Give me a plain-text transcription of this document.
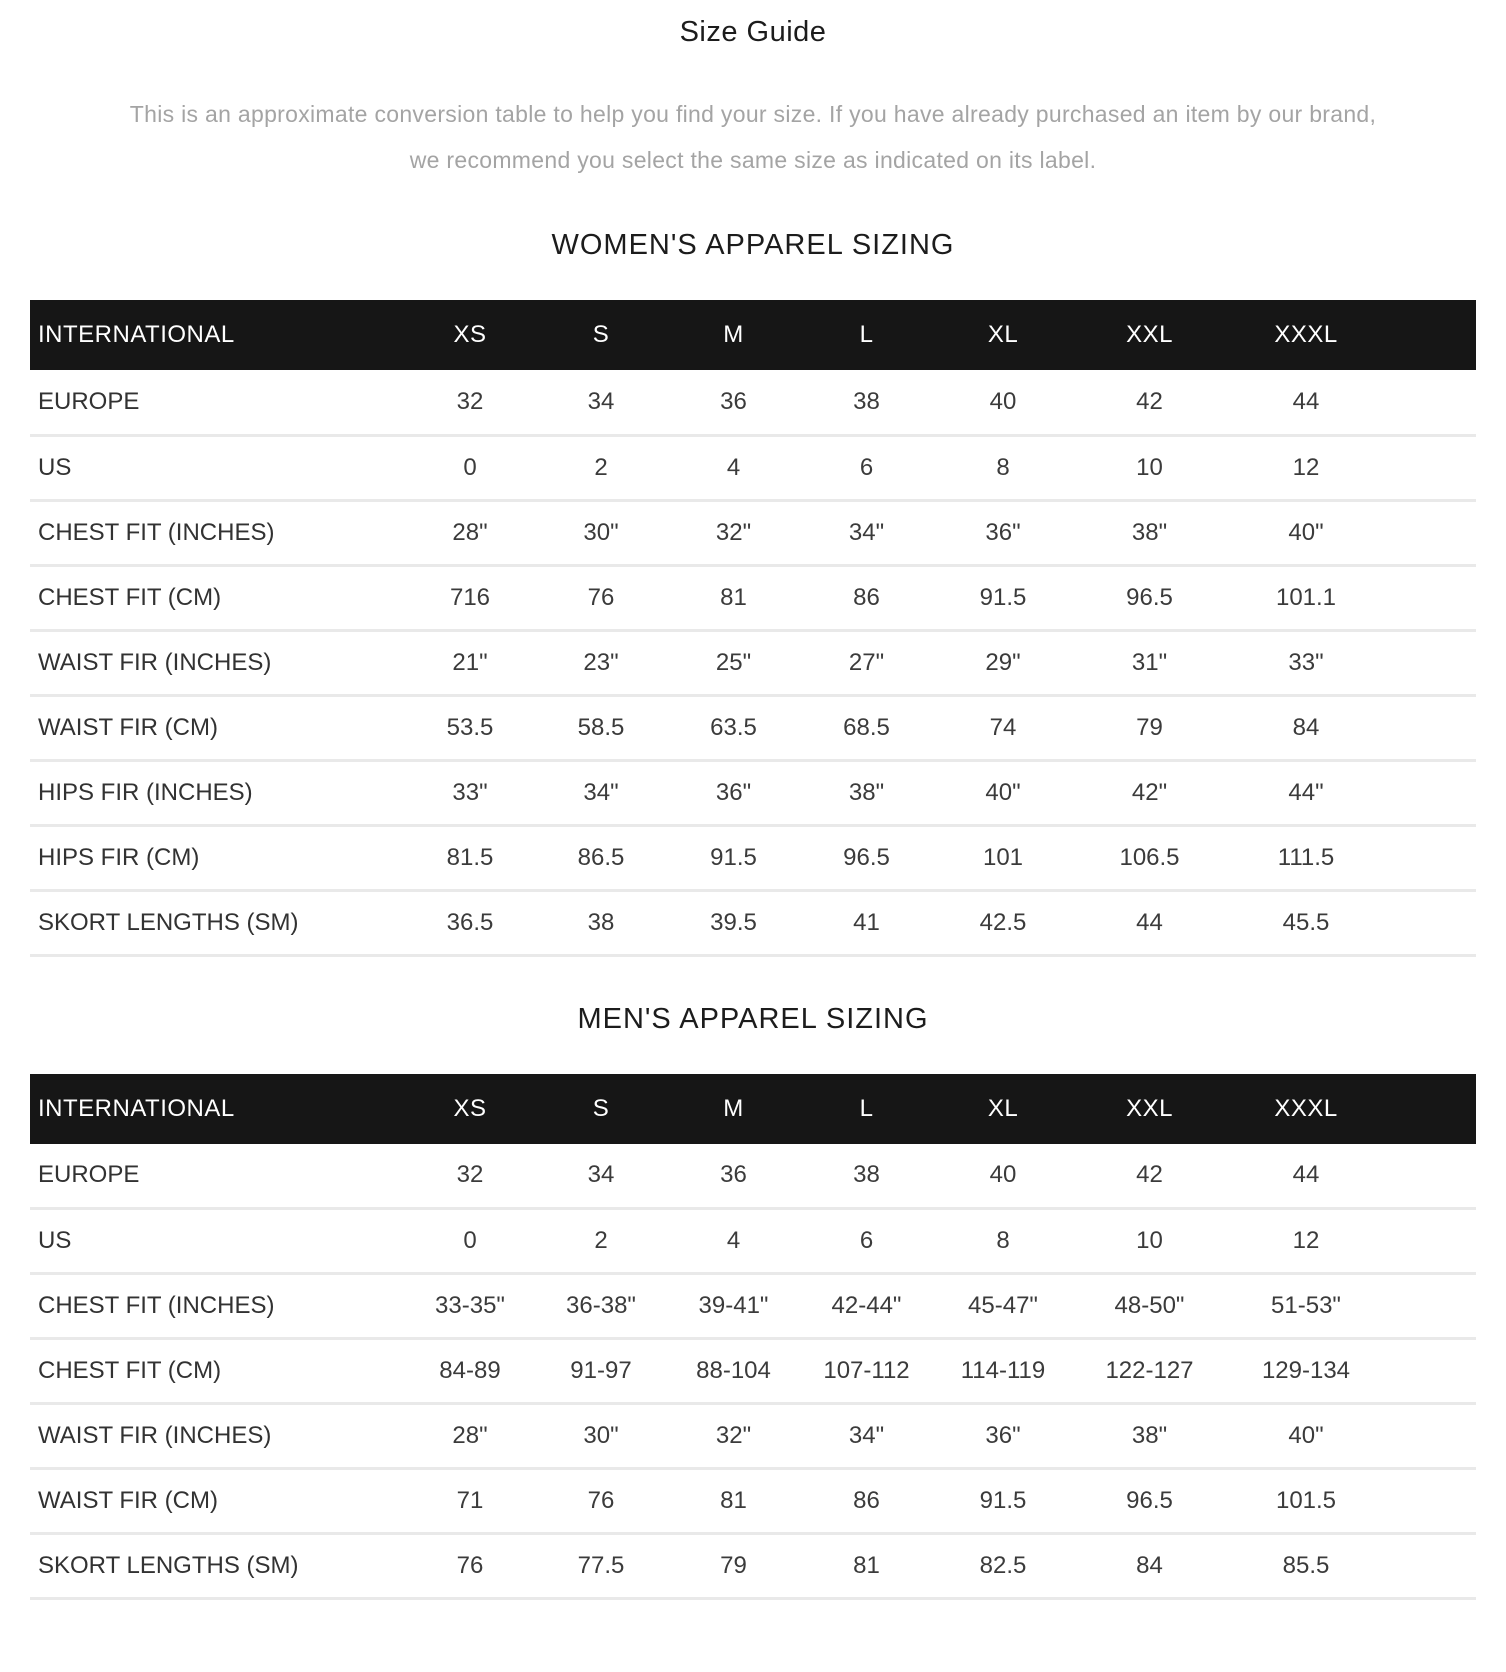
Size Guide

This is an approximate conversion table to help you find your size. If you have already purchased an item by our brand,
we recommend you select the same size as indicated on its label.

WOMEN'S APPAREL SIZING
INTERNATIONAL	XS	S	M	L	XL	XXL	XXXL
EUROPE	32	34	36	38	40	42	44
US	0	2	4	6	8	10	12
CHEST FIT (INCHES)	28"	30"	32"	34"	36"	38"	40"
CHEST FIT (CM)	716	76	81	86	91.5	96.5	101.1
WAIST FIR (INCHES)	21"	23"	25"	27"	29"	31"	33"
WAIST FIR (CM)	53.5	58.5	63.5	68.5	74	79	84
HIPS FIR (INCHES)	33"	34"	36"	38"	40"	42"	44"
HIPS FIR (CM)	81.5	86.5	91.5	96.5	101	106.5	111.5
SKORT LENGTHS (SM)	36.5	38	39.5	41	42.5	44	45.5
MEN'S APPAREL SIZING
INTERNATIONAL	XS	S	M	L	XL	XXL	XXXL
EUROPE	32	34	36	38	40	42	44
US	0	2	4	6	8	10	12
CHEST FIT (INCHES)	33-35"	36-38"	39-41"	42-44"	45-47"	48-50"	51-53"
CHEST FIT (CM)	84-89	91-97	88-104	107-112	114-119	122-127	129-134
WAIST FIR (INCHES)	28"	30"	32"	34"	36"	38"	40"
WAIST FIR (CM)	71	76	81	86	91.5	96.5	101.5
SKORT LENGTHS (SM)	76	77.5	79	81	82.5	84	85.5
